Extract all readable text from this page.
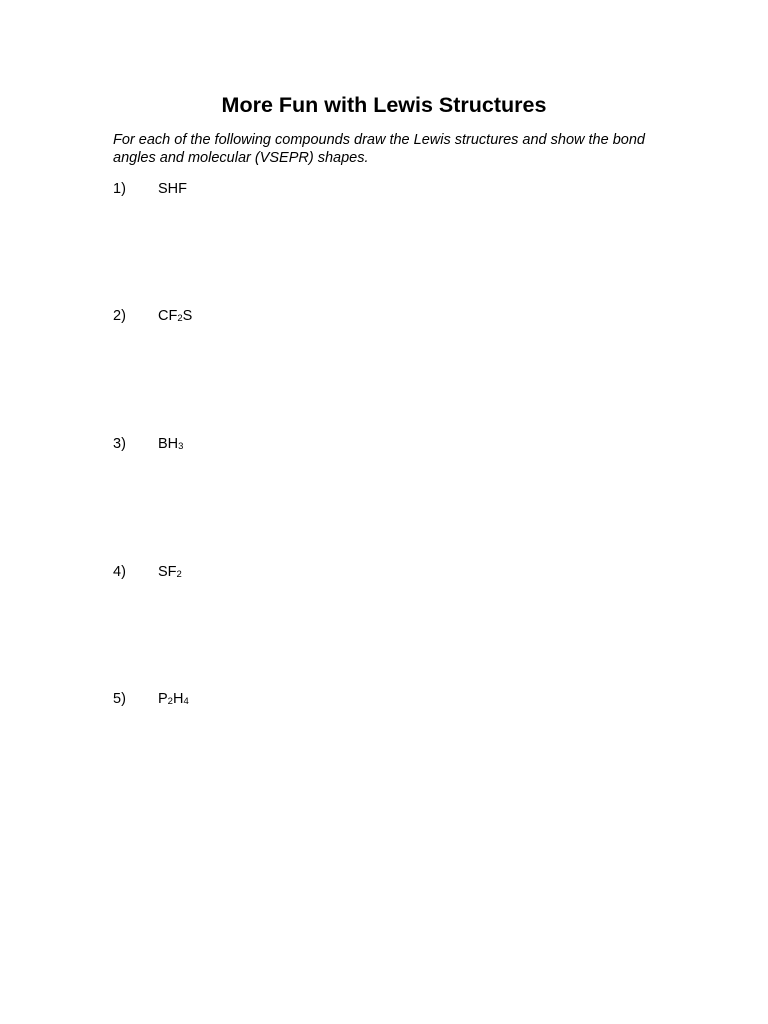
More Fun with Lewis Structures

For each of the following compounds draw the Lewis structures and show the bond angles and molecular (VSEPR) shapes.

1) SHF
2) $CF_2S$
3) $BH_3$
4) $SF_2$
5) $P_2H_4$
